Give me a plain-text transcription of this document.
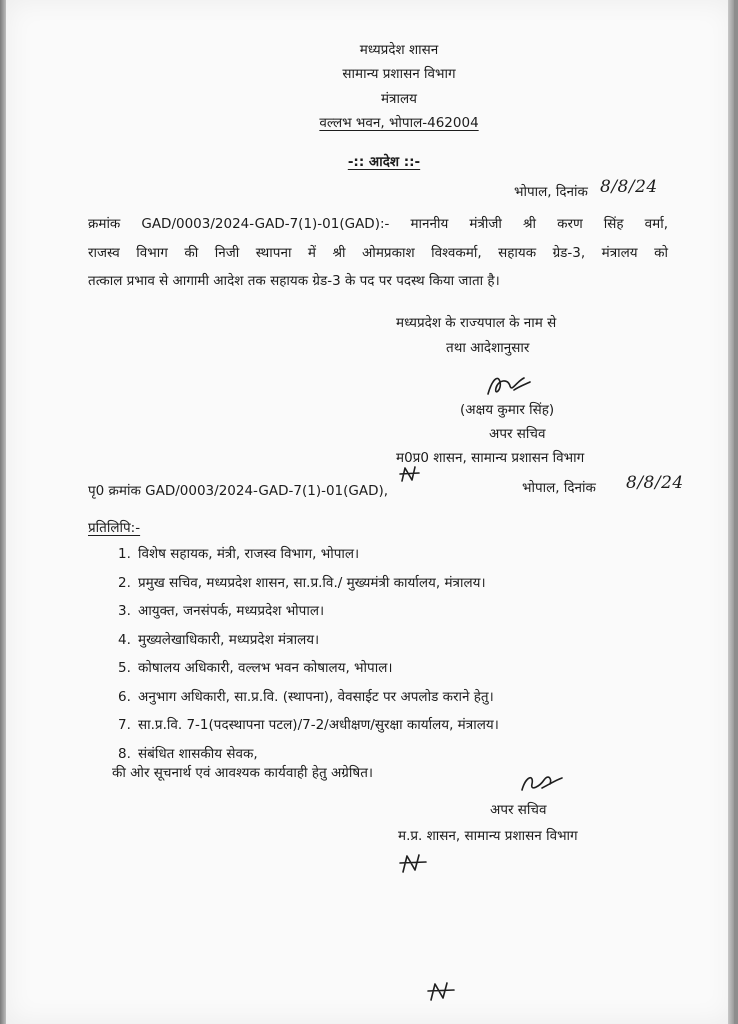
मध्यप्रदेश शासन
सामान्य प्रशासन विभाग
मंत्रालय
वल्लभ भवन, भोपाल-462004
-:: आदेश ::-
भोपाल, दिनांक 8/8/24
क्रमांक GAD/0003/2024-GAD-7(1)-01(GAD):- माननीय मंत्रीजी श्री करण सिंह वर्मा,
राजस्व विभाग की निजी स्थापना में श्री ओमप्रकाश विश्वकर्मा, सहायक ग्रेड-3, मंत्रालय को
तत्काल प्रभाव से आगामी आदेश तक सहायक ग्रेड-3 के पद पर पदस्थ किया जाता है।
मध्यप्रदेश के राज्यपाल के नाम से
तथा आदेशानुसार
(अक्षय कुमार सिंह)
अपर सचिव
म0प्र0 शासन, सामान्य प्रशासन विभाग
पृ0 क्रमांक GAD/0003/2024-GAD-7(1)-01(GAD),	भोपाल, दिनांक 8/8/24
प्रतिलिपि:-
1. विशेष सहायक, मंत्री, राजस्व विभाग, भोपाल।
2. प्रमुख सचिव, मध्यप्रदेश शासन, सा.प्र.वि./ मुख्यमंत्री कार्यालय, मंत्रालय।
3. आयुक्त, जनसंपर्क, मध्यप्रदेश भोपाल।
4. मुख्यलेखाधिकारी, मध्यप्रदेश मंत्रालय।
5. कोषालय अधिकारी, वल्लभ भवन कोषालय, भोपाल।
6. अनुभाग अधिकारी, सा.प्र.वि. (स्थापना), वेवसाईट पर अपलोड कराने हेतु।
7. सा.प्र.वि. 7-1(पदस्थापना पटल)/7-2/अधीक्षण/सुरक्षा कार्यालय, मंत्रालय।
8. संबंधित शासकीय सेवक,
की ओर सूचनार्थ एवं आवश्यक कार्यवाही हेतु अग्रेषित।
अपर सचिव
म.प्र. शासन, सामान्य प्रशासन विभाग
